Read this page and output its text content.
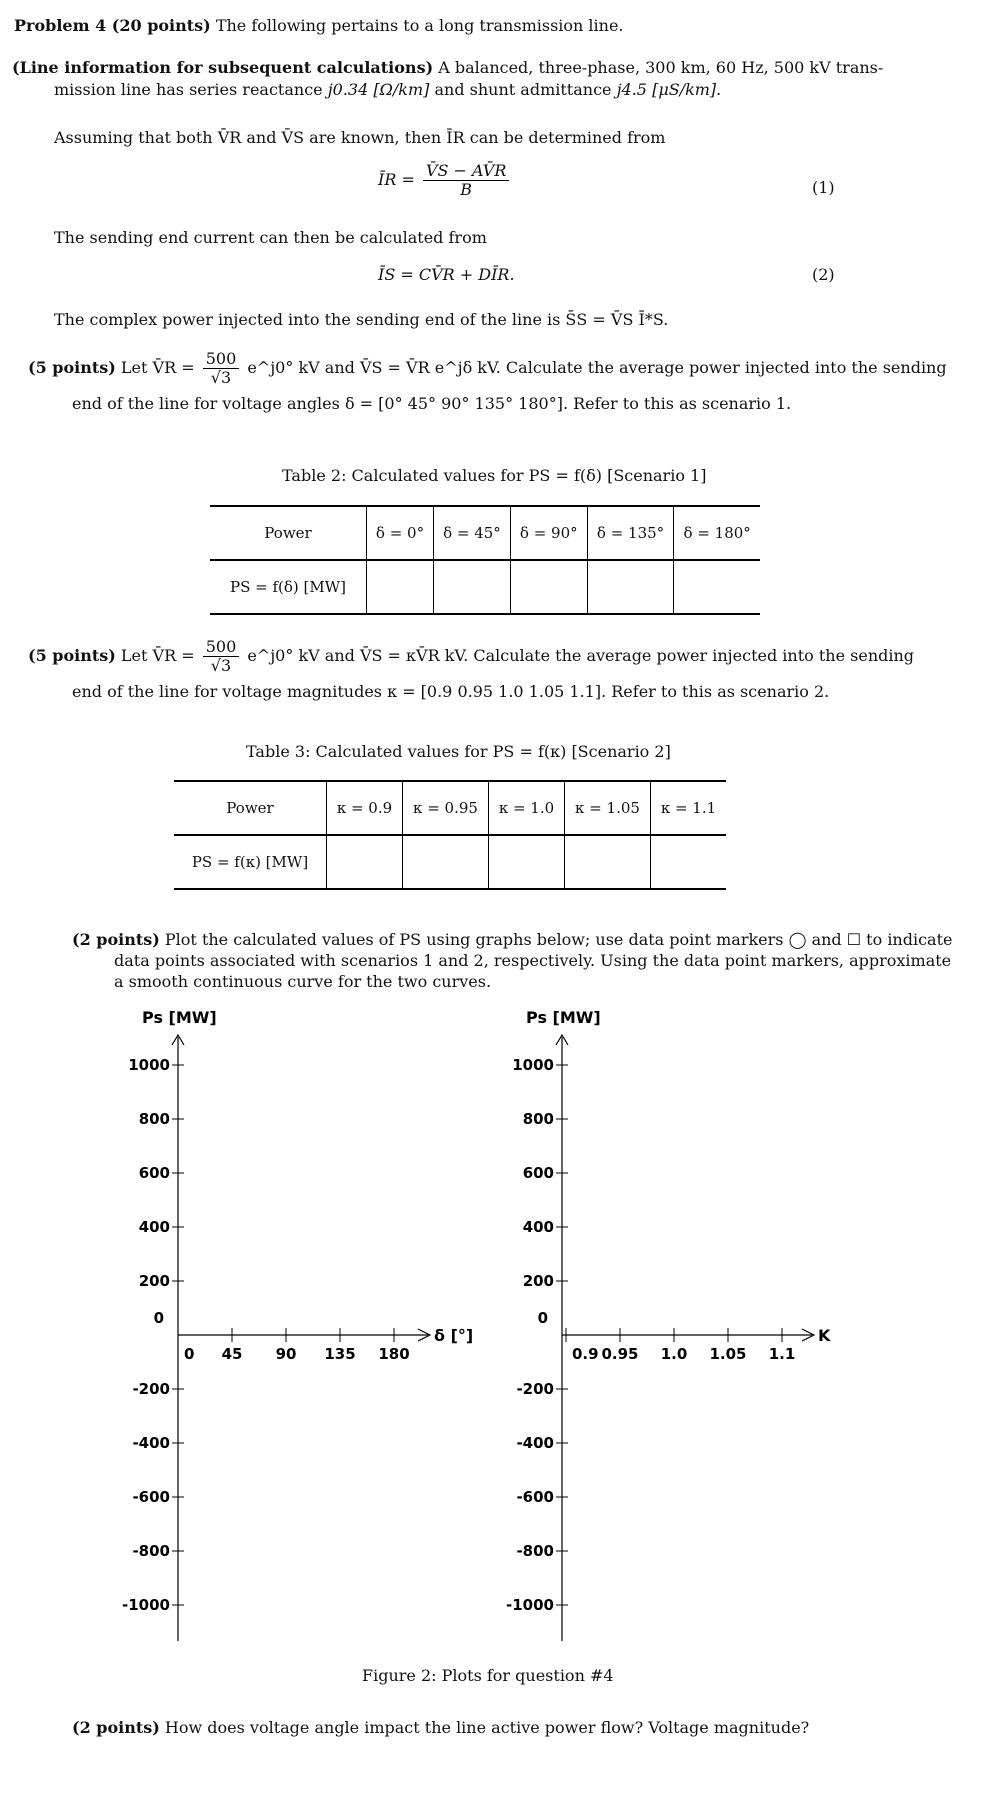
Problem 4 (20 points) The following pertains to a long transmission line.
(Line information for subsequent calculations) A balanced, three-phase, 300 km, 60 Hz, 500 kV trans-
mission line has series reactance j0.34 [Ω/km] and shunt admittance j4.5 [μS/km].
Assuming that both V̄R and V̄S are known, then ĪR can be determined from
ĪR = $\frac{V̄S - AV̄R}{B}$	(1)
The sending end current can then be calculated from
ĪS = CV̄R + DĪR.	(2)
The complex power injected into the sending end of the line is S̄S = V̄S Ī*S.
(5 points) Let V̄R = $\frac{500}{√3}$ e^j0° kV and V̄S = V̄R e^jδ kV. Calculate the average power injected into the sending
end of the line for voltage angles δ = [0° 45° 90° 135° 180°]. Refer to this as scenario 1.
Table 2: Calculated values for PS = f(δ) [Scenario 1]
Power	δ = 0°	δ = 45°	δ = 90°	δ = 135°	δ = 180°
PS = f(δ) [MW]					
(5 points) Let V̄R = $\frac{500}{√3}$ e^j0° kV and V̄S = κV̄R kV. Calculate the average power injected into the sending
end of the line for voltage magnitudes κ = [0.9 0.95 1.0 1.05 1.1]. Refer to this as scenario 2.
Table 3: Calculated values for PS = f(κ) [Scenario 2]
Power	κ = 0.9	κ = 0.95	κ = 1.0	κ = 1.05	κ = 1.1
PS = f(κ) [MW]					
(2 points) Plot the calculated values of PS using graphs below; use data point markers ◯ and ☐ to indicate
data points associated with scenarios 1 and 2, respectively. Using the data point markers, approximate
a smooth continuous curve for the two curves.
Ps [MW]
1000
800
600
400
200
-200
-400
-600
-800
-1000
0
δ [°]
0 45 90 135 180
Ps [MW]
1000
800
600
400
200
-200
-400
-600
-800
-1000
0
K
0.9 0.95 1.0 1.05 1.1
Figure 2: Plots for question #4
(2 points) How does voltage angle impact the line active power flow? Voltage magnitude?
